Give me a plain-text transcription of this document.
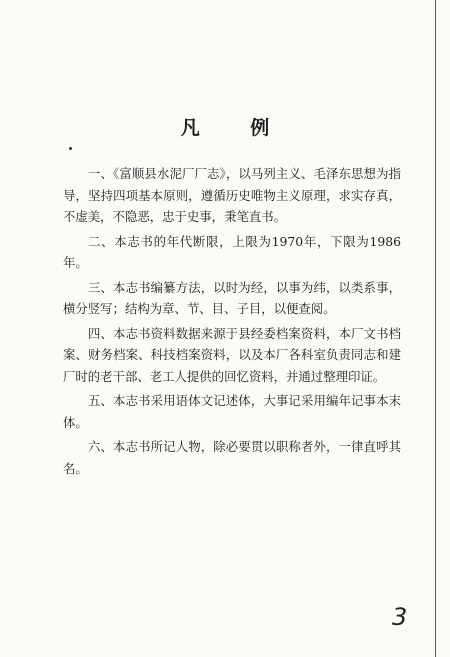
凡 例

一、《富顺县水泥厂厂志》，以马列主义、毛泽东思想为指导，坚持四项基本原则，遵循历史唯物主义原理，求实存真，不虚美，不隐恶，忠于史事，秉笔直书。

二、本志书的年代断限，上限为1970年，下限为1986年。

三、本志书编纂方法，以时为经，以事为纬，以类系事，横分竖写；结构为章、节、目、子目，以便查阅。

四、本志书资料数据来源于县经委档案资料，本厂文书档案、财务档案、科技档案资料，以及本厂各科室负责同志和建厂时的老干部、老工人提供的回忆资料，并通过整理印证。

五、本志书采用语体文记述体，大事记采用编年记事本末体。

六、本志书所记人物，除必要贯以职称者外，一律直呼其名。

3
